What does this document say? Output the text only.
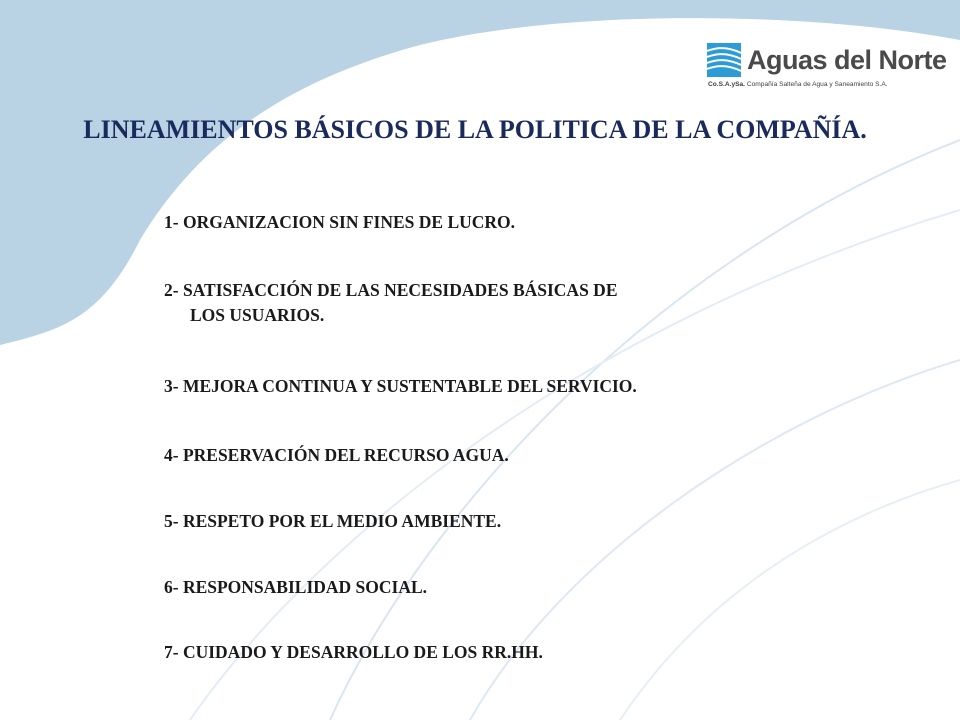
Aguas del Norte
Co.S.A.ySa. Compañía Salteña de Agua y Saneamiento S.A.
LINEAMIENTOS BÁSICOS DE LA POLITICA DE LA COMPAÑÍA.
1- ORGANIZACION SIN FINES DE LUCRO.
2- SATISFACCIÓN DE LAS NECESIDADES BÁSICAS DE
LOS USUARIOS.
3- MEJORA CONTINUA Y SUSTENTABLE DEL SERVICIO.
4- PRESERVACIÓN DEL RECURSO AGUA.
5- RESPETO POR EL MEDIO AMBIENTE.
6- RESPONSABILIDAD SOCIAL.
7- CUIDADO Y DESARROLLO DE LOS RR.HH.
